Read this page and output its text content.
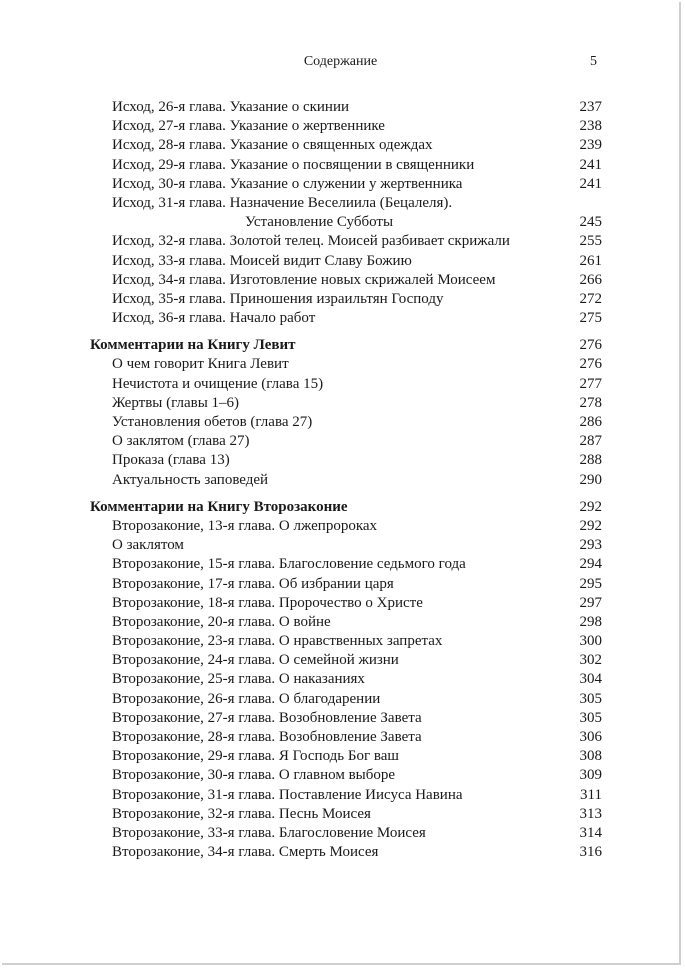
Содержание	5
Исход, 26-я глава. Указание о скинии	237
Исход, 27-я глава. Указание о жертвеннике	238
Исход, 28-я глава. Указание о священных одеждах	239
Исход, 29-я глава. Указание о посвящении в священники	241
Исход, 30-я глава. Указание о служении у жертвенника	241
Исход, 31-я глава. Назначение Веселиила (Бецалеля).
Установление Субботы	245
Исход, 32-я глава. Золотой телец. Моисей разбивает скрижали	255
Исход, 33-я глава. Моисей видит Славу Божию	261
Исход, 34-я глава. Изготовление новых скрижалей Моисеем	266
Исход, 35-я глава. Приношения израильтян Господу	272
Исход, 36-я глава. Начало работ	275
Комментарии на Книгу Левит	276
О чем говорит Книга Левит	276
Нечистота и очищение (глава 15)	277
Жертвы (главы 1–6)	278
Установления обетов (глава 27)	286
О заклятом (глава 27)	287
Проказа (глава 13)	288
Актуальность заповедей	290
Комментарии на Книгу Второзаконие	292
Второзаконие, 13-я глава. О лжепророках	292
О заклятом	293
Второзаконие, 15-я глава. Благословение седьмого года	294
Второзаконие, 17-я глава. Об избрании царя	295
Второзаконие, 18-я глава. Пророчество о Христе	297
Второзаконие, 20-я глава. О войне	298
Второзаконие, 23-я глава. О нравственных запретах	300
Второзаконие, 24-я глава. О семейной жизни	302
Второзаконие, 25-я глава. О наказаниях	304
Второзаконие, 26-я глава. О благодарении	305
Второзаконие, 27-я глава. Возобновление Завета	305
Второзаконие, 28-я глава. Возобновление Завета	306
Второзаконие, 29-я глава. Я Господь Бог ваш	308
Второзаконие, 30-я глава. О главном выборе	309
Второзаконие, 31-я глава. Поставление Иисуса Навина	311
Второзаконие, 32-я глава. Песнь Моисея	313
Второзаконие, 33-я глава. Благословение Моисея	314
Второзаконие, 34-я глава. Смерть Моисея	316
